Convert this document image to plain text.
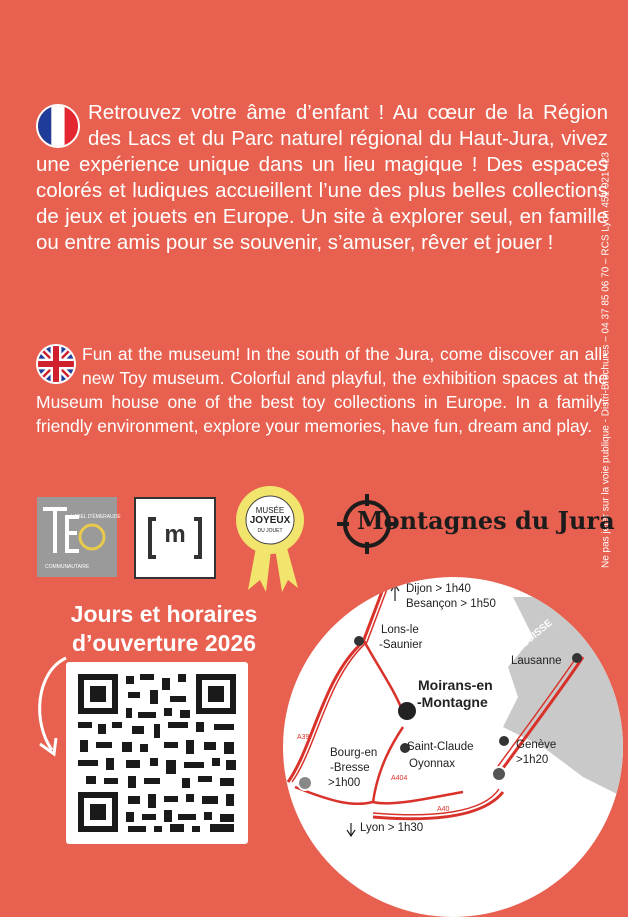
Retrouvez votre âme d’enfant ! Au cœur de la Région des Lacs et du Parc naturel régional du Haut-Jura, vivez une expérience unique dans un lieu magique ! Des espaces colorés et ludiques accueillent l’une des plus belles collections de jeux et jouets en Europe. Un site à explorer seul, en famille ou entre amis pour se souvenir, s’amuser, rêver et jouer !
Fun at the museum! In the south of the Jura, come discover an all-new Toy museum. Colorful and playful, the exhibition spaces at the Museum house one of the best toy collections in Europe. In a family-friendly environment, explore your memories, have fun, dream and play. Ne pas jeter sur la voie publique - Distri-Brochures – 04 37 85 06 70 – RCS Lyon 451 921 423
LABEL D'ÉMERAUDE
COMMUNAUTAIRE
m
MUSÉE
JOYEUX
DU JOUET	Montagnes du Jura
Jours et horaires
d’ouverture 2026
Dijon > 1h40
Besançon > 1h50
Lons-le
-Saunier	SUISSE
Lausanne
Moirans-en
-Montagne
A39
Bourg-en
-Bresse
>1h00
Saint-Claude
Oyonnax
Genève
>1h20
A404
A40
Lyon > 1h30
